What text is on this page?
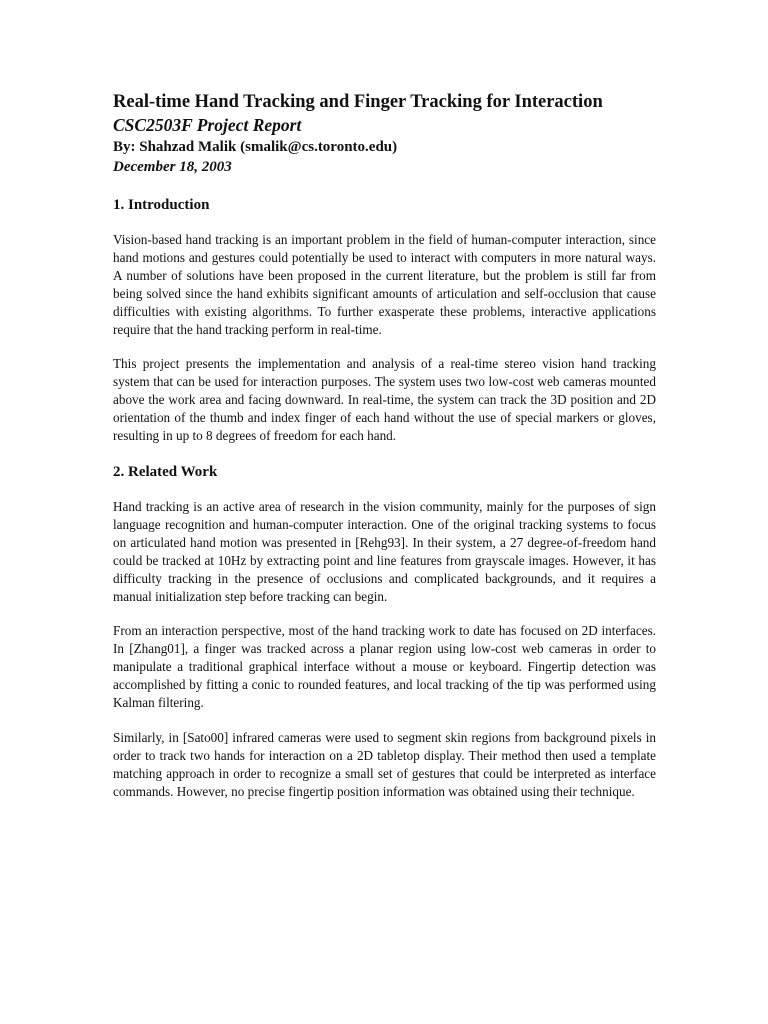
Real-time Hand Tracking and Finger Tracking for Interaction
CSC2503F Project Report
By: Shahzad Malik (smalik@cs.toronto.edu)
December 18, 2003
1. Introduction

Vision-based hand tracking is an important problem in the field of human-computer interaction, since hand motions and gestures could potentially be used to interact with computers in more natural ways. A number of solutions have been proposed in the current literature, but the problem is still far from being solved since the hand exhibits significant amounts of articulation and self-occlusion that cause difficulties with existing algorithms. To further exasperate these problems, interactive applications require that the hand tracking perform in real-time.

This project presents the implementation and analysis of a real-time stereo vision hand tracking system that can be used for interaction purposes. The system uses two low-cost web cameras mounted above the work area and facing downward. In real-time, the system can track the 3D position and 2D orientation of the thumb and index finger of each hand without the use of special markers or gloves, resulting in up to 8 degrees of freedom for each hand.

2. Related Work

Hand tracking is an active area of research in the vision community, mainly for the purposes of sign language recognition and human-computer interaction. One of the original tracking systems to focus on articulated hand motion was presented in [Rehg93]. In their system, a 27 degree-of-freedom hand could be tracked at 10Hz by extracting point and line features from grayscale images. However, it has difficulty tracking in the presence of occlusions and complicated backgrounds, and it requires a manual initialization step before tracking can begin.

From an interaction perspective, most of the hand tracking work to date has focused on 2D interfaces. In [Zhang01], a finger was tracked across a planar region using low-cost web cameras in order to manipulate a traditional graphical interface without a mouse or keyboard. Fingertip detection was accomplished by fitting a conic to rounded features, and local tracking of the tip was performed using Kalman filtering.

Similarly, in [Sato00] infrared cameras were used to segment skin regions from background pixels in order to track two hands for interaction on a 2D tabletop display. Their method then used a template matching approach in order to recognize a small set of gestures that could be interpreted as interface commands. However, no precise fingertip position information was obtained using their technique.
